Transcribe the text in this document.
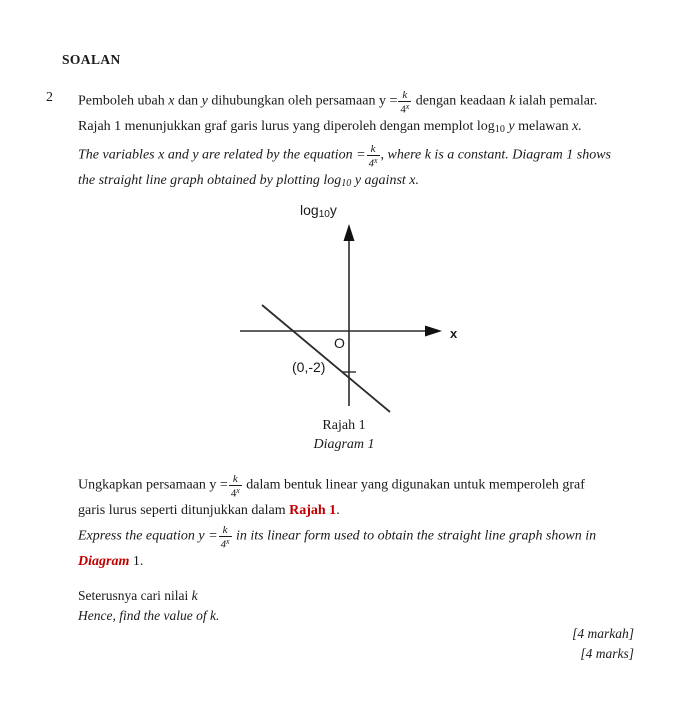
SOALAN
2 Pemboleh ubah x dan y dihubungkan oleh persamaan $y = \frac{k}{4^x}$ dengan keadaan k ialah pemalar.
Rajah 1 menunjukkan graf garis lurus yang diperoleh dengan memplot log10 y melawan x.
The variables x and y are related by the equation = $\frac{k}{4^x}$ , where k is a constant. Diagram 1 shows
the straight line graph obtained by plotting log10 y against x.
$\log_{10}y$
x
O
(0,-2)
Rajah 1
Diagram 1
Ungkapkan persamaan $y = \frac{k}{4^x}$ dalam bentuk linear yang digunakan untuk memperoleh graf
garis lurus seperti ditunjukkan dalam Rajah 1.
Express the equation $y = \frac{k}{4^x}$ in its linear form used to obtain the straight line graph shown in
Diagram 1.
Seterusnya cari nilai k
Hence, find the value of k.
[4 markah]
[4 marks]
